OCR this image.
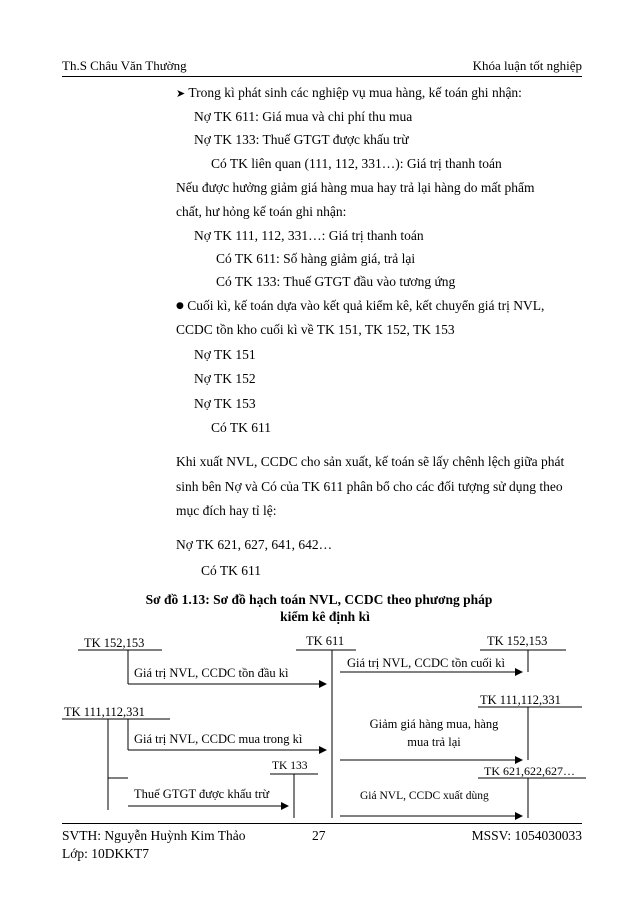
Th.S Châu Văn Thường	Khóa luận tốt nghiệp
➤ Trong kì phát sinh các nghiệp vụ mua hàng, kế toán ghi nhận:
Nợ TK 611: Giá mua và chi phí thu mua
Nợ TK 133: Thuế GTGT được khấu trừ
Có TK liên quan (111, 112, 331…): Giá trị thanh toán
Nếu được hưởng giảm giá hàng mua hay trả lại hàng do mất phẩm
chất, hư hỏng kế toán ghi nhận:
Nợ TK 111, 112, 331…: Giá trị thanh toán
Có TK 611: Số hàng giảm giá, trả lại
Có TK 133: Thuế GTGT đầu vào tương ứng
● Cuối kì, kế toán dựa vào kết quả kiểm kê, kết chuyển giá trị NVL,
CCDC tồn kho cuối kì về TK 151, TK 152, TK 153
Nợ TK 151
Nợ TK 152
Nợ TK 153
Có TK 611
Khi xuất NVL, CCDC cho sản xuất, kế toán sẽ lấy chênh lệch giữa phát
sinh bên Nợ và Có của TK 611 phân bổ cho các đối tượng sử dụng theo
mục đích hay tỉ lệ:
Nợ TK 621, 627, 641, 642…
Có TK 611
Sơ đồ 1.13: Sơ đồ hạch toán NVL, CCDC theo phương pháp
kiểm kê định kì
TK 152,153	TK 611	TK 152,153
Giá trị NVL, CCDC tồn đầu kì
Giá trị NVL, CCDC tồn cuối kì
TK 111,112,331
TK 111,112,331
Giảm giá hàng mua, hàng
mua trả lại
Giá trị NVL, CCDC mua trong kì
TK 133	TK 621,622,627…
Thuế GTGT được khấu trừ	Giá NVL, CCDC xuất dùng
SVTH: Nguyễn Huỳnh Kim Thảo	27	MSSV: 1054030033
Lớp: 10DKKT7
